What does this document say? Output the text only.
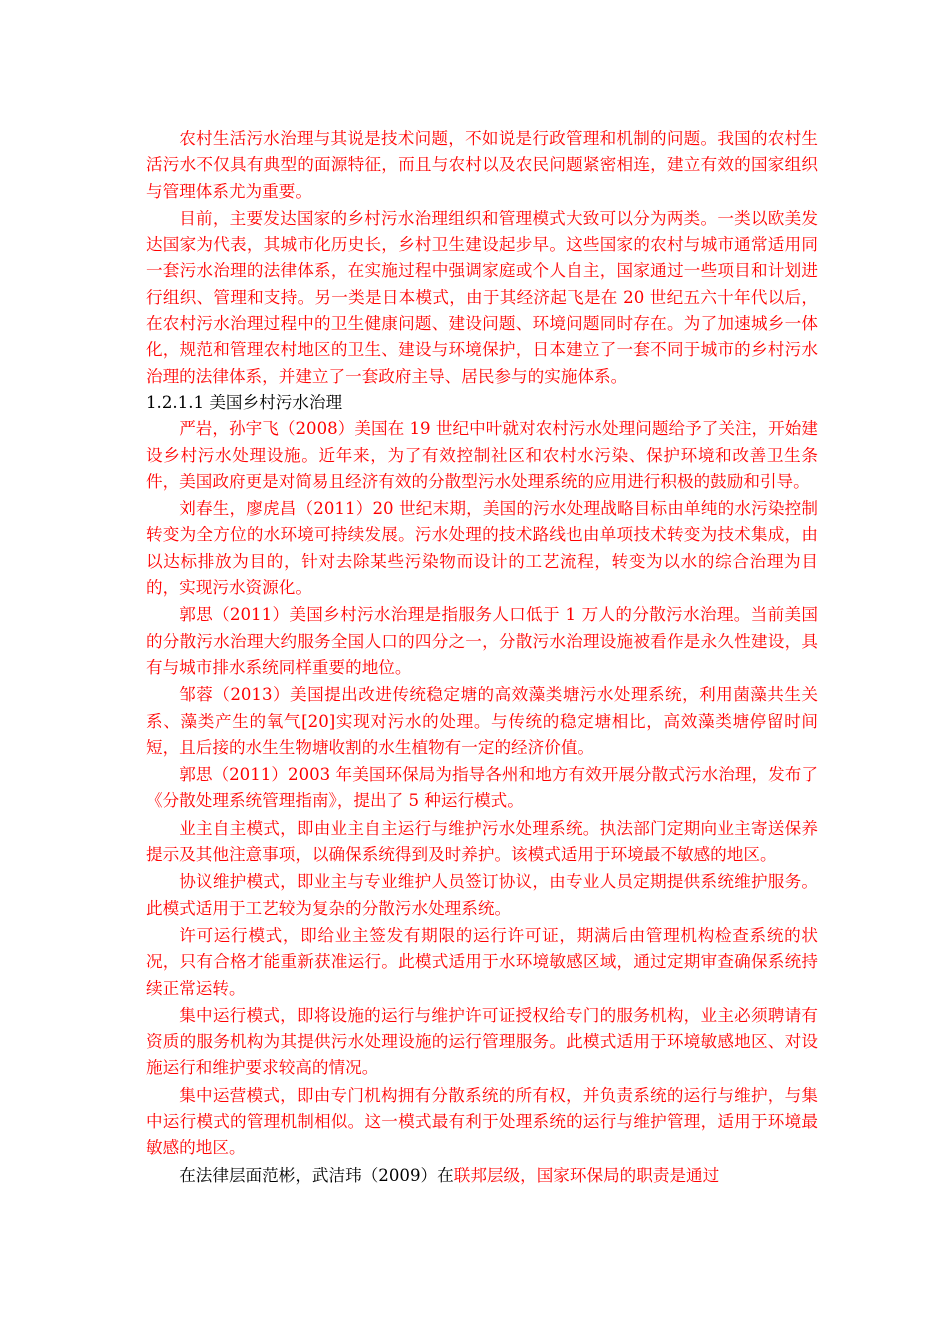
农村生活污水治理与其说是技术问题，不如说是行政管理和机制的问题。我国的农村生活污水不仅具有典型的面源特征，而且与农村以及农民问题紧密相连，建立有效的国家组织与管理体系尤为重要。

目前，主要发达国家的乡村污水治理组织和管理模式大致可以分为两类。一类以欧美发达国家为代表，其城市化历史长，乡村卫生建设起步早。这些国家的农村与城市通常适用同一套污水治理的法律体系，在实施过程中强调家庭或个人自主，国家通过一些项目和计划进行组织、管理和支持。另一类是日本模式，由于其经济起飞是在 20 世纪五六十年代以后，在农村污水治理过程中的卫生健康问题、建设问题、环境问题同时存在。为了加速城乡一体化，规范和管理农村地区的卫生、建设与环境保护，日本建立了一套不同于城市的乡村污水治理的法律体系，并建立了一套政府主导、居民参与的实施体系。

1.2.1.1 美国乡村污水治理

严岩，孙宇飞（2008）美国在 19 世纪中叶就对农村污水处理问题给予了关注，开始建设乡村污水处理设施。近年来，为了有效控制社区和农村水污染、保护环境和改善卫生条件，美国政府更是对简易且经济有效的分散型污水处理系统的应用进行积极的鼓励和引导。

刘春生，廖虎昌（2011）20 世纪末期，美国的污水处理战略目标由单纯的水污染控制转变为全方位的水环境可持续发展。污水处理的技术路线也由单项技术转变为技术集成，由以达标排放为目的，针对去除某些污染物而设计的工艺流程，转变为以水的综合治理为目的，实现污水资源化。

郭思（2011）美国乡村污水治理是指服务人口低于 1 万人的分散污水治理。当前美国的分散污水治理大约服务全国人口的四分之一，分散污水治理设施被看作是永久性建设，具有与城市排水系统同样重要的地位。

邹蓉（2013）美国提出改进传统稳定塘的高效藻类塘污水处理系统，利用菌藻共生关系、藻类产生的氧气[20]实现对污水的处理。与传统的稳定塘相比，高效藻类塘停留时间短，且后接的水生生物塘收割的水生植物有一定的经济价值。

郭思（2011）2003 年美国环保局为指导各州和地方有效开展分散式污水治理，发布了《分散处理系统管理指南》，提出了 5 种运行模式。

业主自主模式，即由业主自主运行与维护污水处理系统。执法部门定期向业主寄送保养提示及其他注意事项，以确保系统得到及时养护。该模式适用于环境最不敏感的地区。

协议维护模式，即业主与专业维护人员签订协议，由专业人员定期提供系统维护服务。此模式适用于工艺较为复杂的分散污水处理系统。

许可运行模式，即给业主签发有期限的运行许可证，期满后由管理机构检查系统的状况，只有合格才能重新获准运行。此模式适用于水环境敏感区域，通过定期审查确保系统持续正常运转。

集中运行模式，即将设施的运行与维护许可证授权给专门的服务机构，业主必须聘请有资质的服务机构为其提供污水处理设施的运行管理服务。此模式适用于环境敏感地区、对设施运行和维护要求较高的情况。

集中运营模式，即由专门机构拥有分散系统的所有权，并负责系统的运行与维护，与集中运行模式的管理机制相似。这一模式最有利于处理系统的运行与维护管理，适用于环境最敏感的地区。

在法律层面范彬，武洁玮（2009）在联邦层级，国家环保局的职责是通过
